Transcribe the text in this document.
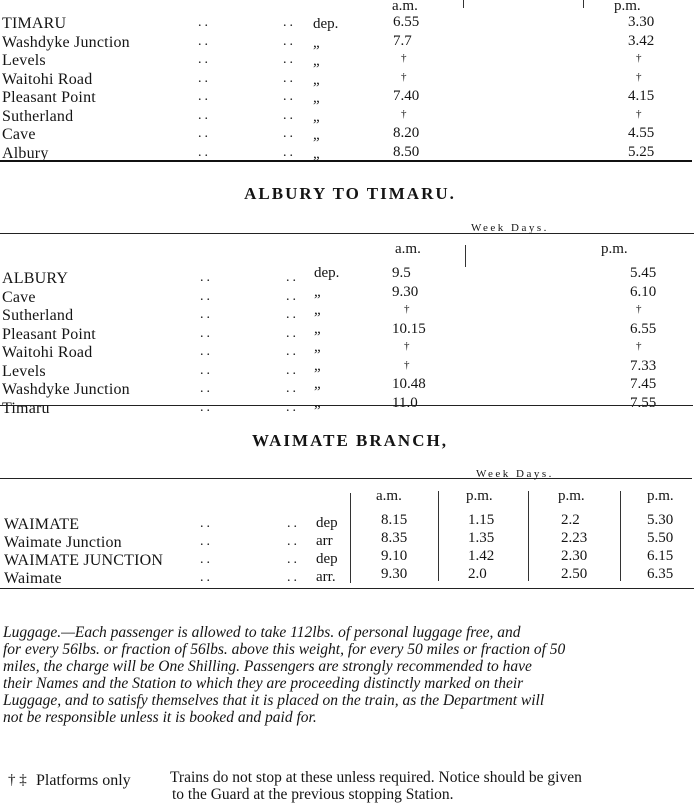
a.m.	p.m.
TIMARU	..	.. dep.	6.55	3.30
Washdyke Junction	..	.. „	7.7	3.42
Levels	..	.. „	†	†
Waitohi Road	..	.. „	†	†
Pleasant Point	..	.. „	7.40	4.15
Sutherland	..	.. „	†	†
Cave	..	.. „	8.20	4.55
Albury	..	.. „	8.50	5.25
ALBURY TO TIMARU.
Week Days.
a.m.	p.m.
ALBURY	..	.. dep.	9.5	5.45
Cave	..	.. „	9.30	6.10
Sutherland	..	.. „	†	†
Pleasant Point	..	.. „	10.15	6.55
Waitohi Road	..	.. „	†	†
Levels	..	.. „	†	7.33
Washdyke Junction	..	.. „	10.48	7.45
Timaru	..	.. „	11.0	7.55
WAIMATE BRANCH,
Week Days.
a.m.	p.m.	p.m.	p.m.
WAIMATE	..	.. dep	8.15	1.15	2.2	5.30
Waimate Junction	..	.. arr	8.35	1.35	2.23	5.50
WAIMATE JUNCTION	..	.. dep	9.10	1.42	2.30	6.15
Waimate	..	.. arr.	9.30	2.0	2.50	6.35
Luggage.—Each passenger is allowed to take 112lbs. of personal luggage free, and
for every 56lbs. or fraction of 56lbs. above this weight, for every 50 miles or fraction of 50
miles, the charge will be One Shilling. Passengers are strongly recommended to have
their Names and the Station to which they are proceeding distinctly marked on their
Luggage, and to satisfy themselves that it is placed on the train, as the Department will
not be responsible unless it is booked and paid for.
† ‡ Platforms only	Trains do not stop at these unless required. Notice should be given
to the Guard at the previous stopping Station.
